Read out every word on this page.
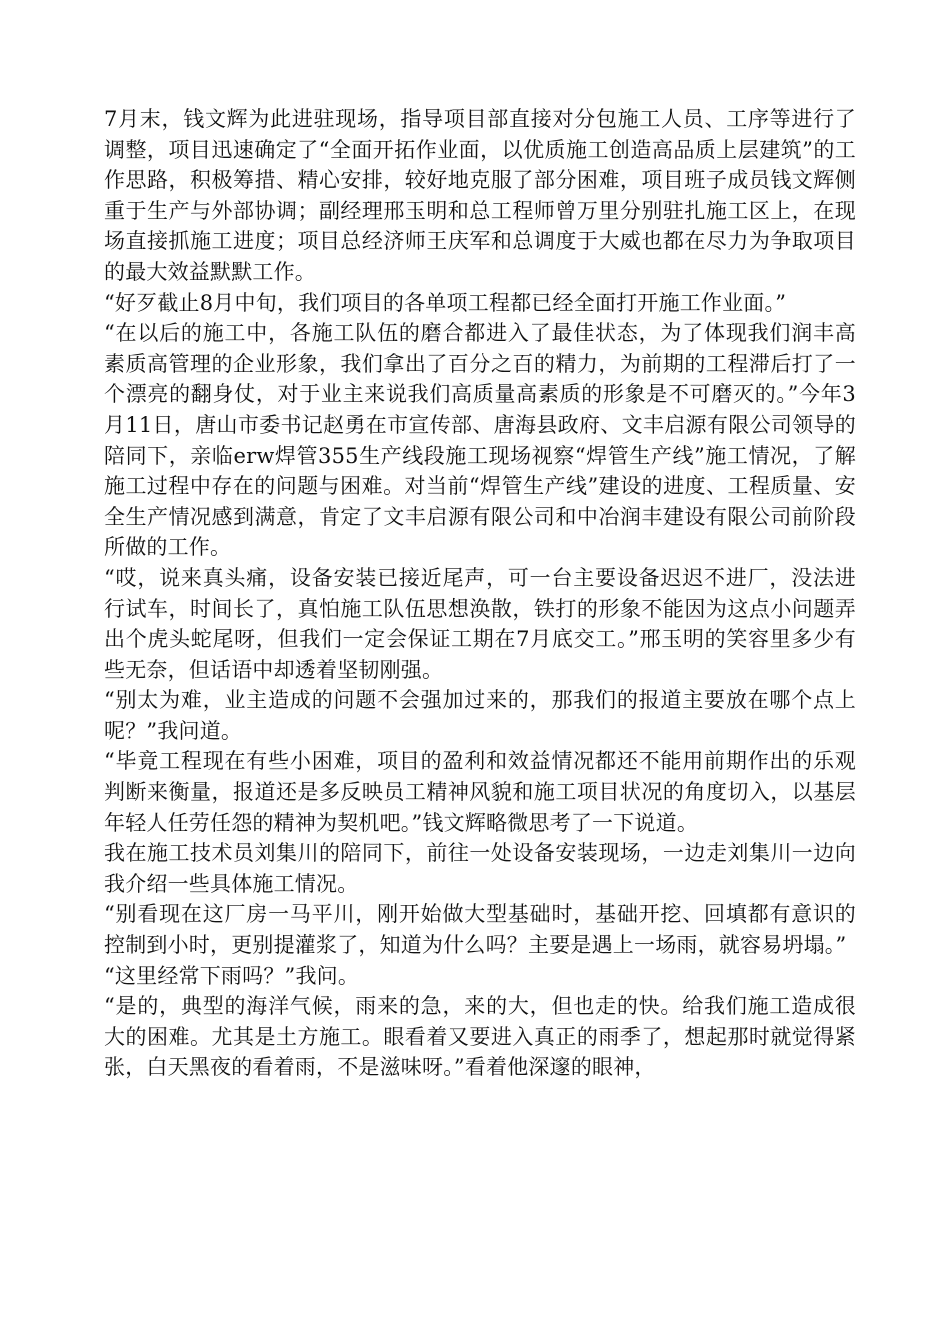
7月末，钱文辉为此进驻现场，指导项目部直接对分包施工人员、工序等进行了调整，项目迅速确定了“全面开拓作业面，以优质施工创造高品质上层建筑”的工作思路，积极筹措、精心安排，较好地克服了部分困难，项目班子成员钱文辉侧重于生产与外部协调；副经理邢玉明和总工程师曾万里分别驻扎施工区上，在现场直接抓施工进度；项目总经济师王庆军和总调度于大威也都在尽力为争取项目的最大效益默默工作。

“好歹截止8月中旬，我们项目的各单项工程都已经全面打开施工作业面。”

“在以后的施工中，各施工队伍的磨合都进入了最佳状态，为了体现我们润丰高素质高管理的企业形象，我们拿出了百分之百的精力，为前期的工程滞后打了一个漂亮的翻身仗，对于业主来说我们高质量高素质的形象是不可磨灭的。”今年3月11日，唐山市委书记赵勇在市宣传部、唐海县政府、文丰启源有限公司领导的陪同下，亲临erw焊管355生产线段施工现场视察“焊管生产线”施工情况，了解施工过程中存在的问题与困难。对当前“焊管生产线”建设的进度、工程质量、安全生产情况感到满意，肯定了文丰启源有限公司和中冶润丰建设有限公司前阶段所做的工作。

“哎，说来真头痛，设备安装已接近尾声，可一台主要设备迟迟不进厂，没法进行试车，时间长了，真怕施工队伍思想涣散，铁打的形象不能因为这点小问题弄出个虎头蛇尾呀，但我们一定会保证工期在7月底交工。”邢玉明的笑容里多少有些无奈，但话语中却透着坚韧刚强。

“别太为难，业主造成的问题不会强加过来的，那我们的报道主要放在哪个点上呢？”我问道。

“毕竟工程现在有些小困难，项目的盈利和效益情况都还不能用前期作出的乐观判断来衡量，报道还是多反映员工精神风貌和施工项目状况的角度切入，以基层年轻人任劳任怨的精神为契机吧。”钱文辉略微思考了一下说道。

我在施工技术员刘集川的陪同下，前往一处设备安装现场，一边走刘集川一边向我介绍一些具体施工情况。

“别看现在这厂房一马平川，刚开始做大型基础时，基础开挖、回填都有意识的控制到小时，更别提灌浆了，知道为什么吗？主要是遇上一场雨，就容易坍塌。”

“这里经常下雨吗？”我问。

“是的，典型的海洋气候，雨来的急，来的大，但也走的快。给我们施工造成很大的困难。尤其是土方施工。眼看着又要进入真正的雨季了，想起那时就觉得紧张，白天黑夜的看着雨，不是滋味呀。”看着他深邃的眼神，
